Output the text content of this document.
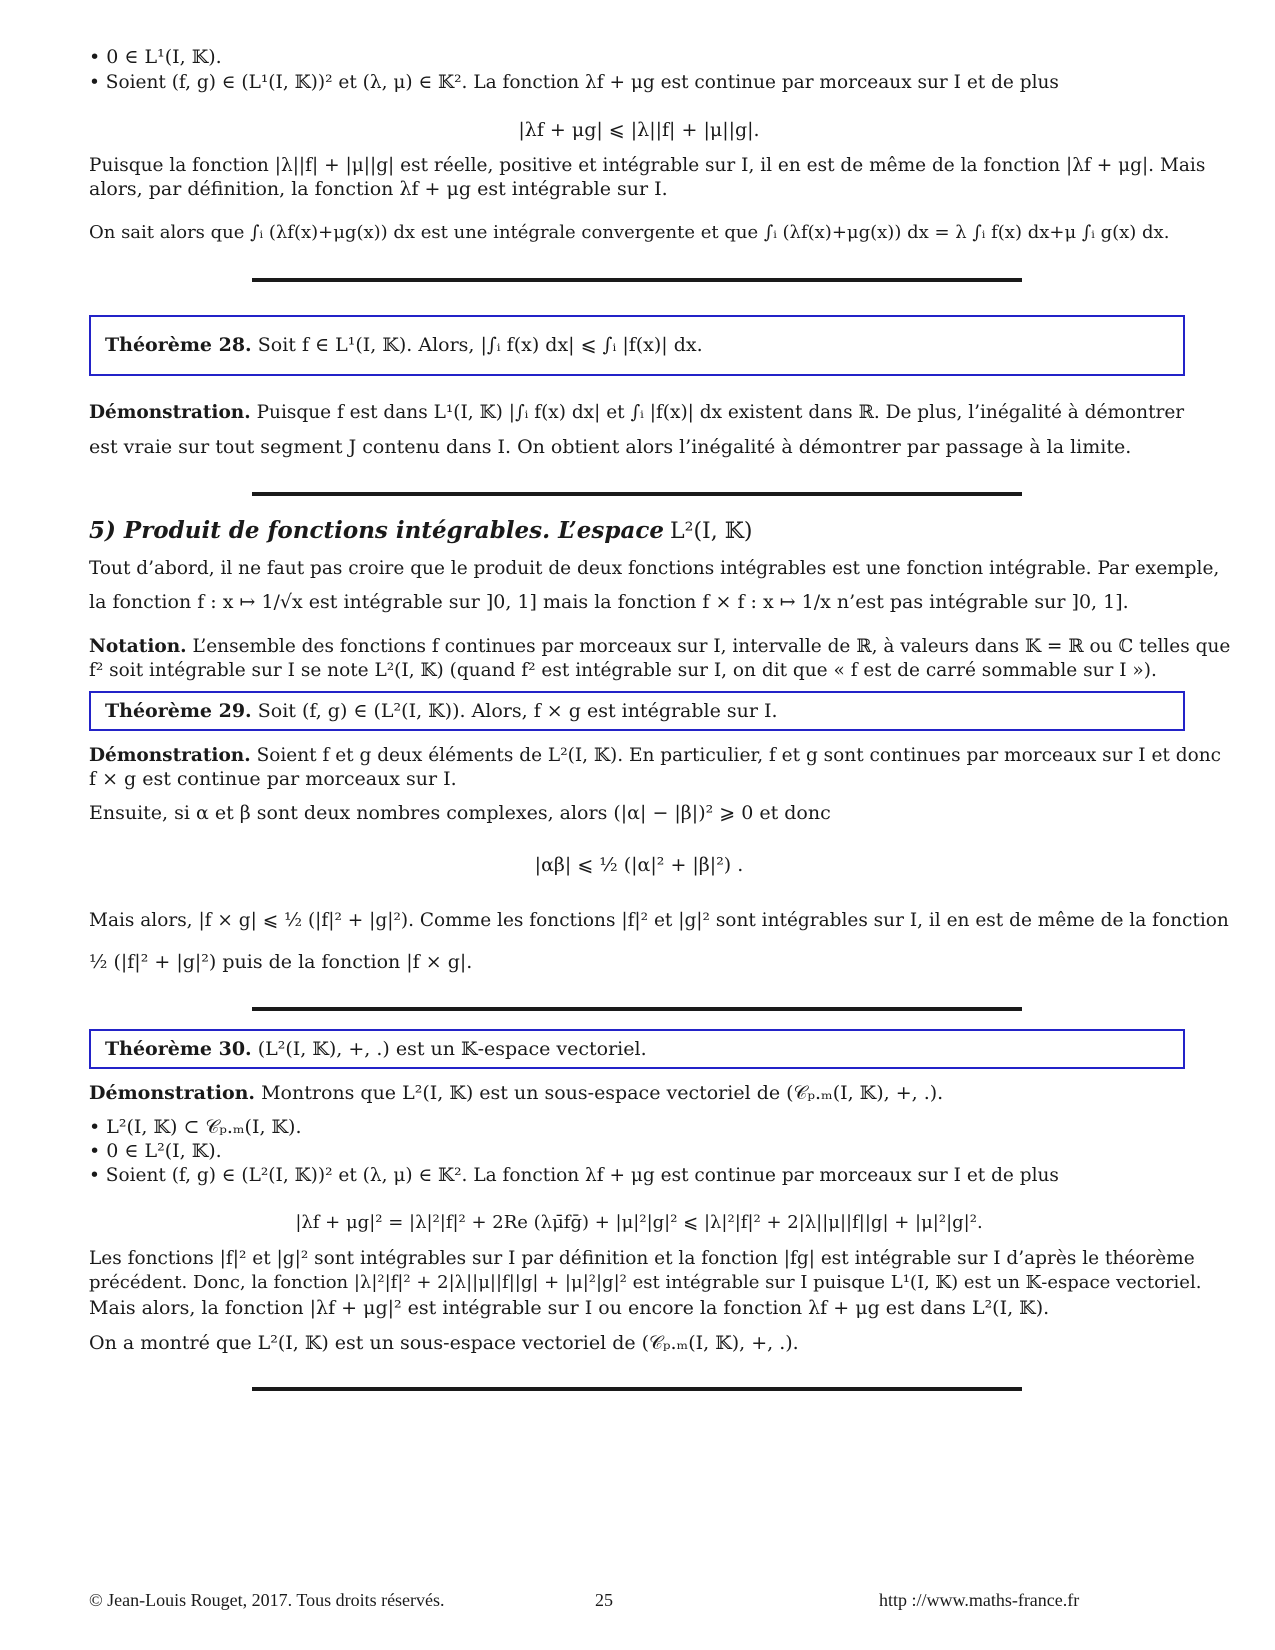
• 0 ∈ L¹(I, 𝕂).
• Soient (f, g) ∈ (L¹(I, 𝕂))² et (λ, μ) ∈ 𝕂². La fonction λf + μg est continue par morceaux sur I et de plus
|λf + μg| ⩽ |λ||f| + |μ||g|.
Puisque la fonction |λ||f| + |μ||g| est réelle, positive et intégrable sur I, il en est de même de la fonction |λf + μg|. Mais
alors, par définition, la fonction λf + μg est intégrable sur I.
On sait alors que ∫ᵢ (λf(x)+μg(x)) dx est une intégrale convergente et que ∫ᵢ (λf(x)+μg(x)) dx = λ ∫ᵢ f(x) dx+μ ∫ᵢ g(x) dx.
Théorème 28. Soit f ∈ L¹(I, 𝕂). Alors, |∫ᵢ f(x) dx| ⩽ ∫ᵢ |f(x)| dx.
Démonstration. Puisque f est dans L¹(I, 𝕂) |∫ᵢ f(x) dx| et ∫ᵢ |f(x)| dx existent dans ℝ. De plus, l’inégalité à démontrer
est vraie sur tout segment J contenu dans I. On obtient alors l’inégalité à démontrer par passage à la limite.
5) Produit de fonctions intégrables. L’espace L²(I, 𝕂)
Tout d’abord, il ne faut pas croire que le produit de deux fonctions intégrables est une fonction intégrable. Par exemple,
la fonction f : x ↦ 1/√x est intégrable sur ]0, 1] mais la fonction f × f : x ↦ 1/x n’est pas intégrable sur ]0, 1].
Notation. L’ensemble des fonctions f continues par morceaux sur I, intervalle de ℝ, à valeurs dans 𝕂 = ℝ ou ℂ telles que
f² soit intégrable sur I se note L²(I, 𝕂) (quand f² est intégrable sur I, on dit que « f est de carré sommable sur I »).
Théorème 29. Soit (f, g) ∈ (L²(I, 𝕂)). Alors, f × g est intégrable sur I.
Démonstration. Soient f et g deux éléments de L²(I, 𝕂). En particulier, f et g sont continues par morceaux sur I et donc
f × g est continue par morceaux sur I.
Ensuite, si α et β sont deux nombres complexes, alors (|α| − |β|)² ⩾ 0 et donc
|αβ| ⩽ ½ (|α|² + |β|²) .
Mais alors, |f × g| ⩽ ½ (|f|² + |g|²). Comme les fonctions |f|² et |g|² sont intégrables sur I, il en est de même de la fonction
½ (|f|² + |g|²) puis de la fonction |f × g|.
Théorème 30. (L²(I, 𝕂), +, .) est un 𝕂-espace vectoriel.
Démonstration. Montrons que L²(I, 𝕂) est un sous-espace vectoriel de (𝒞ₚ.ₘ(I, 𝕂), +, .).
• L²(I, 𝕂) ⊂ 𝒞ₚ.ₘ(I, 𝕂).
• 0 ∈ L²(I, 𝕂).
• Soient (f, g) ∈ (L²(I, 𝕂))² et (λ, μ) ∈ 𝕂². La fonction λf + μg est continue par morceaux sur I et de plus
|λf + μg|² = |λ|²|f|² + 2Re (λμ̄fḡ) + |μ|²|g|² ⩽ |λ|²|f|² + 2|λ||μ||f||g| + |μ|²|g|².
Les fonctions |f|² et |g|² sont intégrables sur I par définition et la fonction |fg| est intégrable sur I d’après le théorème
précédent. Donc, la fonction |λ|²|f|² + 2|λ||μ||f||g| + |μ|²|g|² est intégrable sur I puisque L¹(I, 𝕂) est un 𝕂-espace vectoriel.
Mais alors, la fonction |λf + μg|² est intégrable sur I ou encore la fonction λf + μg est dans L²(I, 𝕂).
On a montré que L²(I, 𝕂) est un sous-espace vectoriel de (𝒞ₚ.ₘ(I, 𝕂), +, .).
© Jean-Louis Rouget, 2017. Tous droits réservés.	25	http ://www.maths-france.fr
